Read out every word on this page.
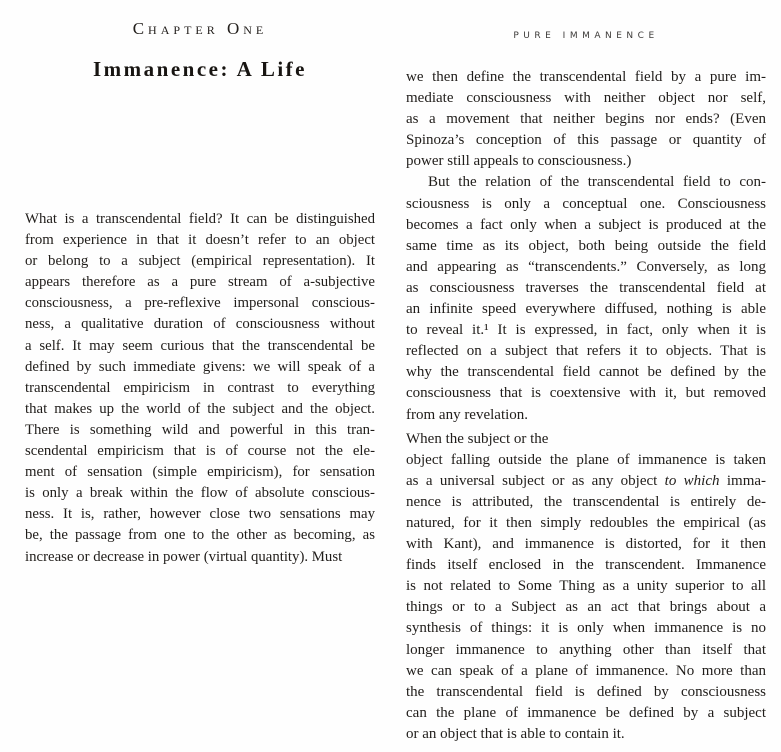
Chapter One
Immanence: A Life
What is a transcendental field? It can be distinguished
from experience in that it doesn’t refer to an object
or belong to a subject (empirical representation). It
appears therefore as a pure stream of a-subjective
consciousness, a pre-reflexive impersonal conscious-
ness, a qualitative duration of consciousness without
a self. It may seem curious that the transcendental be
defined by such immediate givens: we will speak of a
transcendental empiricism in contrast to everything
that makes up the world of the subject and the object.
There is something wild and powerful in this tran-
scendental empiricism that is of course not the ele-
ment of sensation (simple empiricism), for sensation
is only a break within the flow of absolute conscious-
ness. It is, rather, however close two sensations may
be, the passage from one to the other as becoming, as
increase or decrease in power (virtual quantity). Must
PURE IMMANENCE
we then define the transcendental field by a pure im-
mediate consciousness with neither object nor self,
as a movement that neither begins nor ends? (Even
Spinoza’s conception of this passage or quantity of
power still appeals to consciousness.)
But the relation of the transcendental field to con-
sciousness is only a conceptual one. Consciousness
becomes a fact only when a subject is produced at the
same time as its object, both being outside the field
and appearing as “transcendents.” Conversely, as long
as consciousness traverses the transcendental field at
an infinite speed everywhere diffused, nothing is able
to reveal it.¹ It is expressed, in fact, only when it is
reflected on a subject that refers it to objects. That is
why the transcendental field cannot be defined by the
consciousness that is coextensive with it, but removed
from any revelation.
When the subject or the
object falling outside the plane of immanence is taken
as a universal subject or as any object to which imma-
nence is attributed, the transcendental is entirely de-
natured, for it then simply redoubles the empirical (as
with Kant), and immanence is distorted, for it then
finds itself enclosed in the transcendent. Immanence
is not related to Some Thing as a unity superior to all
things or to a Subject as an act that brings about a
synthesis of things: it is only when immanence is no
longer immanence to anything other than itself that
we can speak of a plane of immanence. No more than
the transcendental field is defined by consciousness
can the plane of immanence be defined by a subject
or an object that is able to contain it.
